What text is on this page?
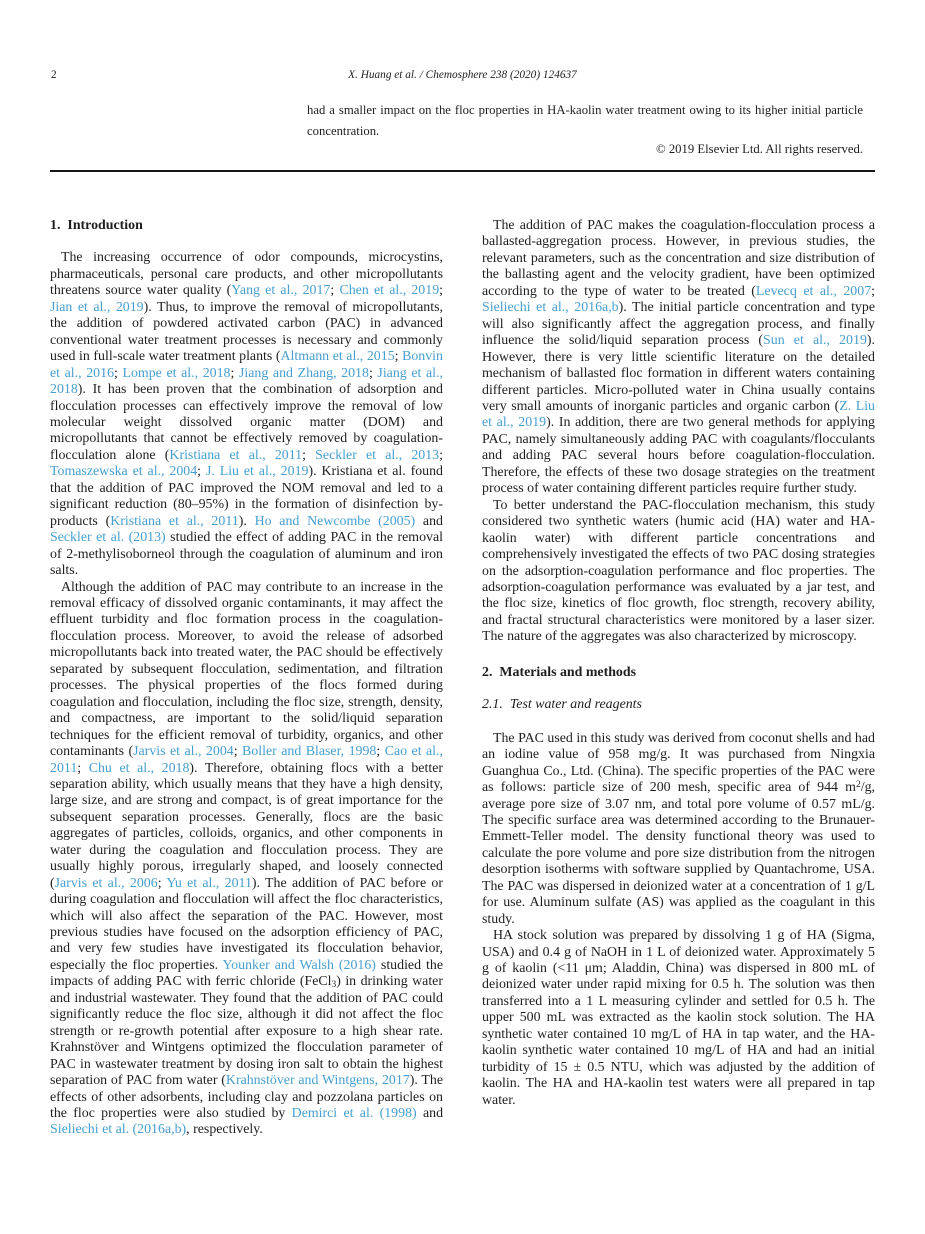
2	X. Huang et al. / Chemosphere 238 (2020) 124637

had a smaller impact on the floc properties in HA-kaolin water treatment owing to its higher initial particle concentration.

© 2019 Elsevier Ltd. All rights reserved.

1. Introduction

The increasing occurrence of odor compounds, microcystins, pharmaceuticals, personal care products, and other micropollutants threatens source water quality (Yang et al., 2017; Chen et al., 2019; Jian et al., 2019). Thus, to improve the removal of micropollutants, the addition of powdered activated carbon (PAC) in advanced conventional water treatment processes is necessary and commonly used in full-scale water treatment plants (Altmann et al., 2015; Bonvin et al., 2016; Lompe et al., 2018; Jiang and Zhang, 2018; Jiang et al., 2018). It has been proven that the combination of adsorption and flocculation processes can effectively improve the removal of low molecular weight dissolved organic matter (DOM) and micropollutants that cannot be effectively removed by coagulation-flocculation alone (Kristiana et al., 2011; Seckler et al., 2013; Tomaszewska et al., 2004; J. Liu et al., 2019). Kristiana et al. found that the addition of PAC improved the NOM removal and led to a significant reduction (80–95%) in the formation of disinfection by-products (Kristiana et al., 2011). Ho and Newcombe (2005) and Seckler et al. (2013) studied the effect of adding PAC in the removal of 2-methylisoborneol through the coagulation of aluminum and iron salts.

Although the addition of PAC may contribute to an increase in the removal efficacy of dissolved organic contaminants, it may affect the effluent turbidity and floc formation process in the coagulation-flocculation process. Moreover, to avoid the release of adsorbed micropollutants back into treated water, the PAC should be effectively separated by subsequent flocculation, sedimentation, and filtration processes. The physical properties of the flocs formed during coagulation and flocculation, including the floc size, strength, density, and compactness, are important to the solid/liquid separation techniques for the efficient removal of turbidity, organics, and other contaminants (Jarvis et al., 2004; Boller and Blaser, 1998; Cao et al., 2011; Chu et al., 2018). Therefore, obtaining flocs with a better separation ability, which usually means that they have a high density, large size, and are strong and compact, is of great importance for the subsequent separation processes. Generally, flocs are the basic aggregates of particles, colloids, organics, and other components in water during the coagulation and flocculation process. They are usually highly porous, irregularly shaped, and loosely connected (Jarvis et al., 2006; Yu et al., 2011). The addition of PAC before or during coagulation and flocculation will affect the floc characteristics, which will also affect the separation of the PAC. However, most previous studies have focused on the adsorption efficiency of PAC, and very few studies have investigated its flocculation behavior, especially the floc properties. Younker and Walsh (2016) studied the impacts of adding PAC with ferric chloride (FeCl$_3$) in drinking water and industrial wastewater. They found that the addition of PAC could significantly reduce the floc size, although it did not affect the floc strength or re-growth potential after exposure to a high shear rate. Krahnstöver and Wintgens optimized the flocculation parameter of PAC in wastewater treatment by dosing iron salt to obtain the highest separation of PAC from water (Krahnstöver and Wintgens, 2017). The effects of other adsorbents, including clay and pozzolana particles on the floc properties were also studied by Demirci et al. (1998) and Sieliechi et al. (2016a,b), respectively.

The addition of PAC makes the coagulation-flocculation process a ballasted-aggregation process. However, in previous studies, the relevant parameters, such as the concentration and size distribution of the ballasting agent and the velocity gradient, have been optimized according to the type of water to be treated (Levecq et al., 2007; Sieliechi et al., 2016a,b). The initial particle concentration and type will also significantly affect the aggregation process, and finally influence the solid/liquid separation process (Sun et al., 2019). However, there is very little scientific literature on the detailed mechanism of ballasted floc formation in different waters containing different particles. Micro-polluted water in China usually contains very small amounts of inorganic particles and organic carbon (Z. Liu et al., 2019). In addition, there are two general methods for applying PAC, namely simultaneously adding PAC with coagulants/flocculants and adding PAC several hours before coagulation-flocculation. Therefore, the effects of these two dosage strategies on the treatment process of water containing different particles require further study.

To better understand the PAC-flocculation mechanism, this study considered two synthetic waters (humic acid (HA) water and HA-kaolin water) with different particle concentrations and comprehensively investigated the effects of two PAC dosing strategies on the adsorption-coagulation performance and floc properties. The adsorption-coagulation performance was evaluated by a jar test, and the floc size, kinetics of floc growth, floc strength, recovery ability, and fractal structural characteristics were monitored by a laser sizer. The nature of the aggregates was also characterized by microscopy.

2. Materials and methods
2.1. Test water and reagents

The PAC used in this study was derived from coconut shells and had an iodine value of 958 mg/g. It was purchased from Ningxia Guanghua Co., Ltd. (China). The specific properties of the PAC were as follows: particle size of 200 mesh, specific area of 944 $m^2/g$, average pore size of 3.07 nm, and total pore volume of 0.57 mL/g. The specific surface area was determined according to the Brunauer-Emmett-Teller model. The density functional theory was used to calculate the pore volume and pore size distribution from the nitrogen desorption isotherms with software supplied by Quantachrome, USA. The PAC was dispersed in deionized water at a concentration of 1 g/L for use. Aluminum sulfate (AS) was applied as the coagulant in this study.

HA stock solution was prepared by dissolving 1 g of HA (Sigma, USA) and 0.4 g of NaOH in 1 L of deionized water. Approximately 5 g of kaolin (<11 μm; Aladdin, China) was dispersed in 800 mL of deionized water under rapid mixing for 0.5 h. The solution was then transferred into a 1 L measuring cylinder and settled for 0.5 h. The upper 500 mL was extracted as the kaolin stock solution. The HA synthetic water contained 10 mg/L of HA in tap water, and the HA-kaolin synthetic water contained 10 mg/L of HA and had an initial turbidity of 15 ± 0.5 NTU, which was adjusted by the addition of kaolin. The HA and HA-kaolin test waters were all prepared in tap water.
